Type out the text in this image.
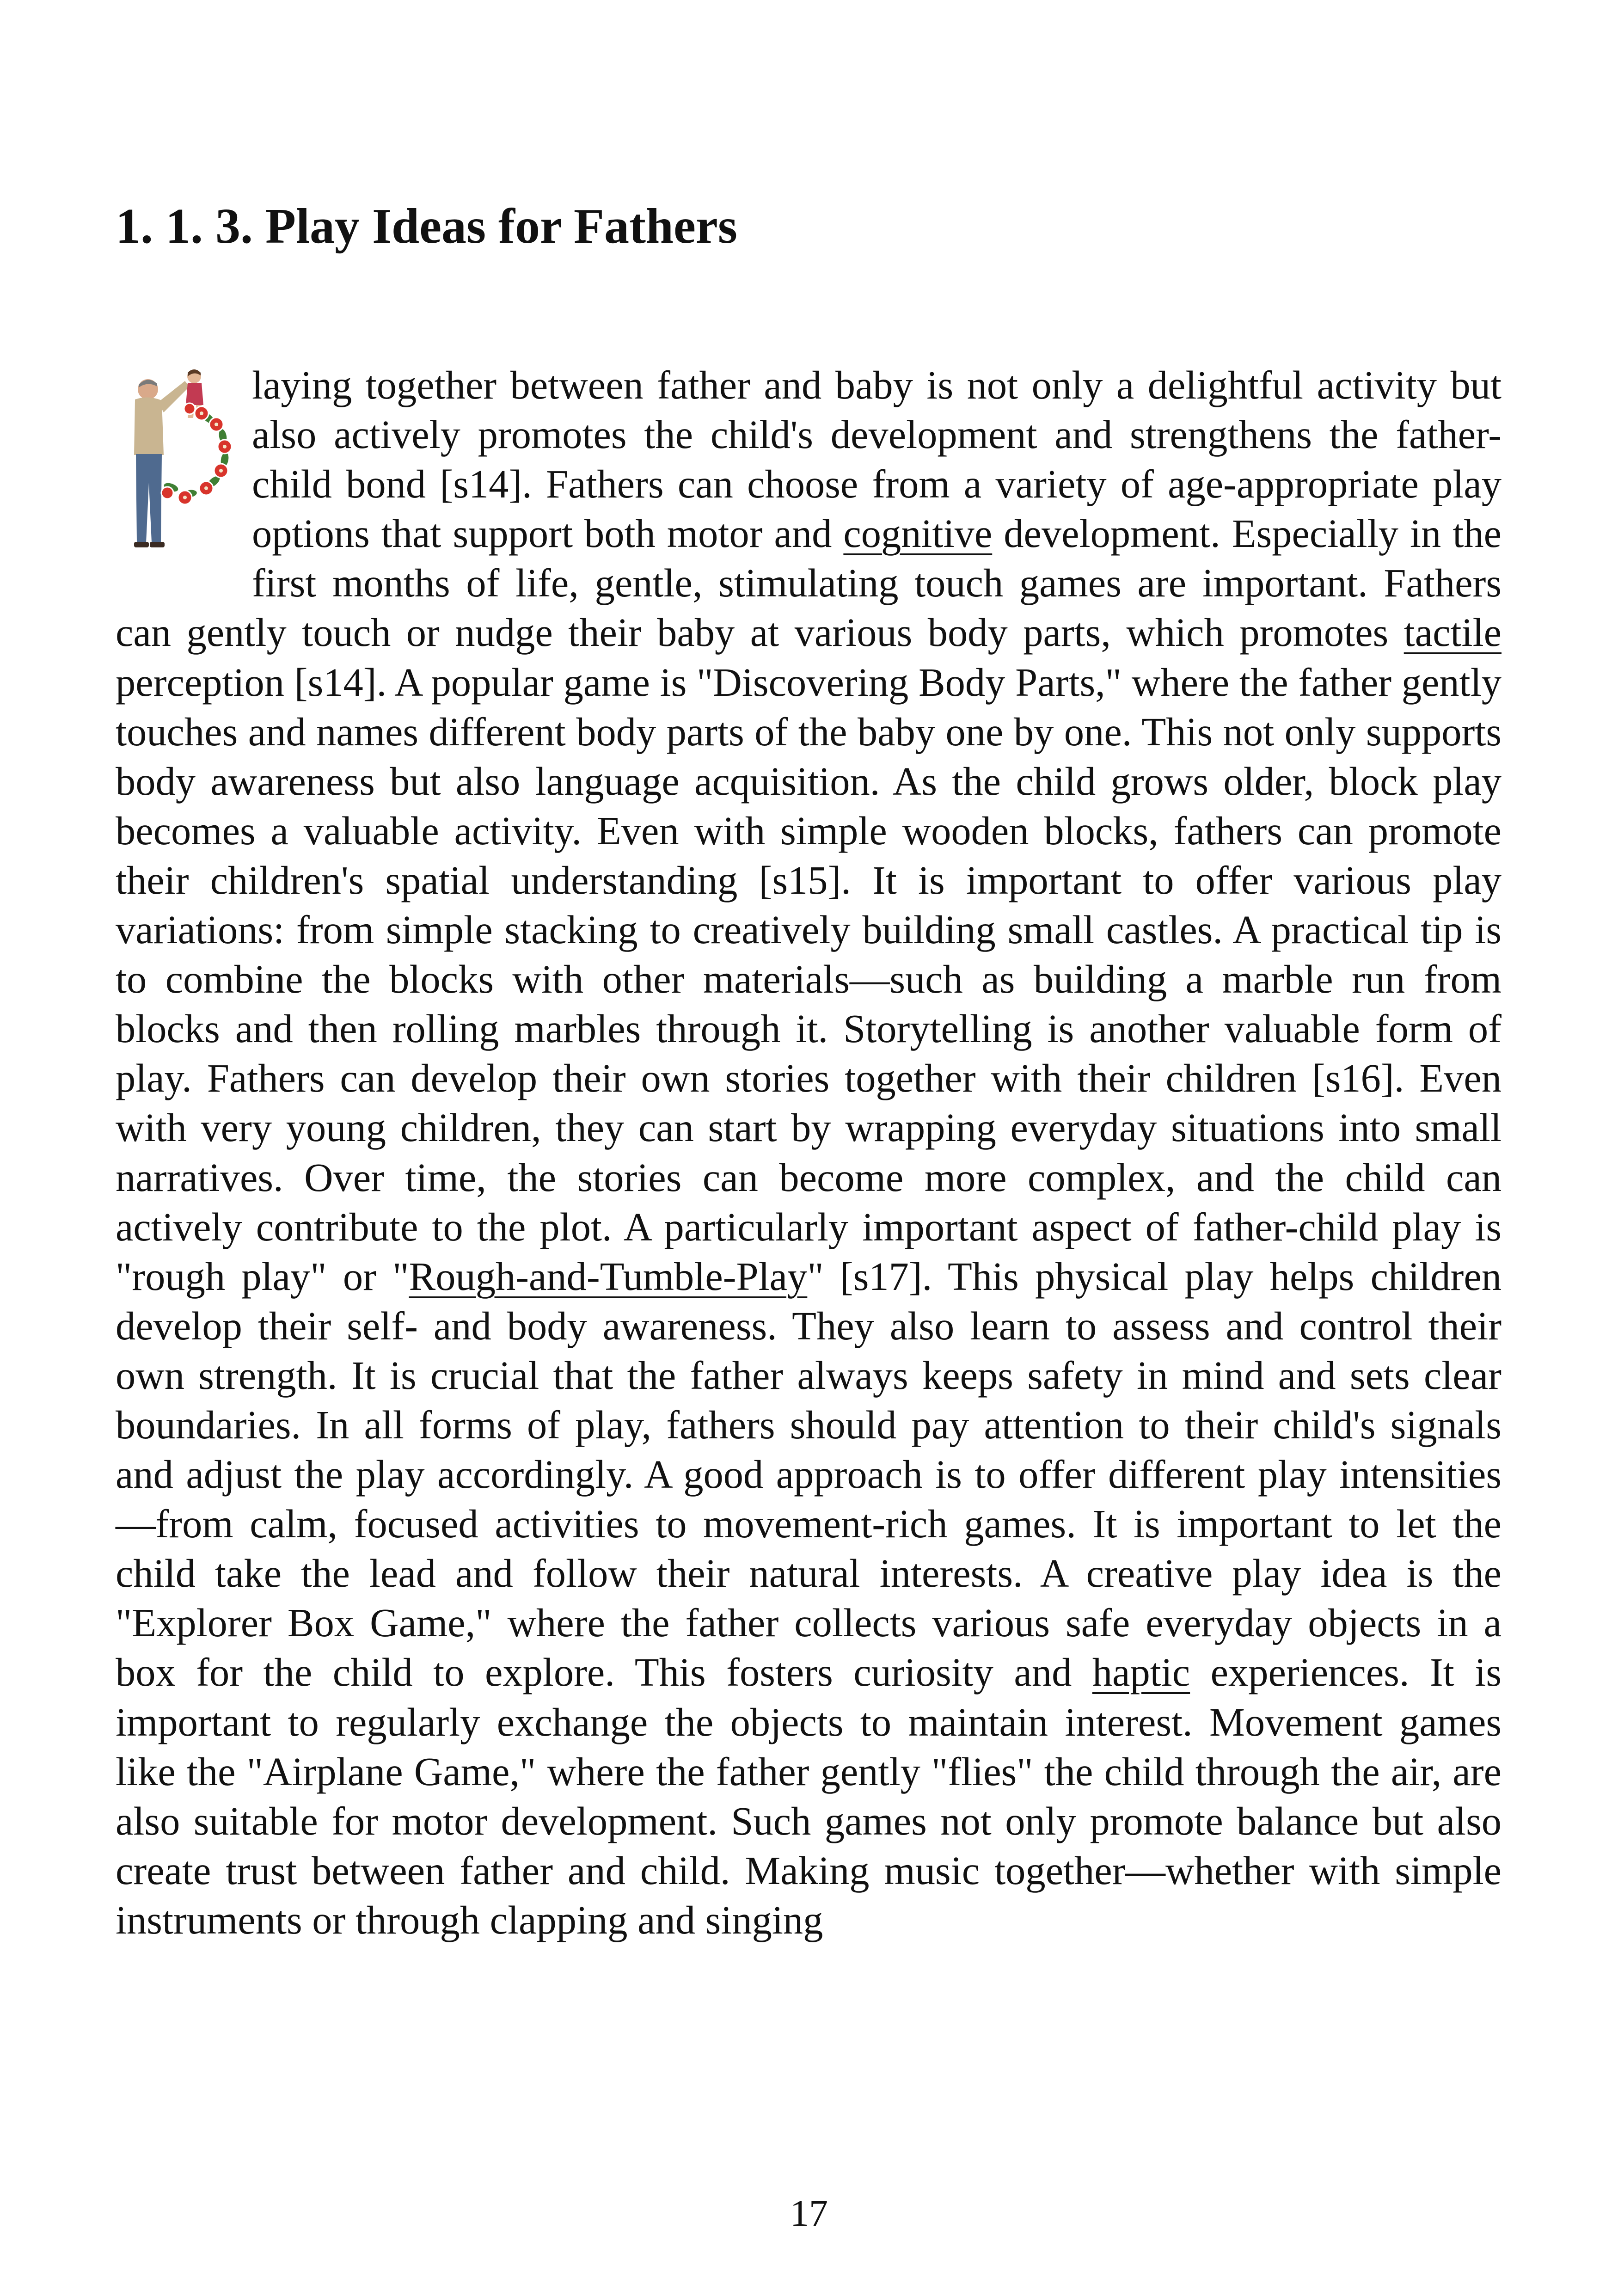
1. 1. 3. Play Ideas for Fathers
laying together between father and baby is not only a delightful activity but also actively promotes the child's development and strengthens the father-child bond [s14]. Fathers can choose from a variety of age-appropriate play options that support both motor and cognitive development. Especially in the first months of life, gentle, stimulating touch games are important. Fathers can gently touch or nudge their baby at various body parts, which promotes tactile perception [s14]. A popular game is "Discovering Body Parts," where the father gently touches and names different body parts of the baby one by one. This not only supports body awareness but also language acquisition. As the child grows older, block play becomes a valuable activity. Even with simple wooden blocks, fathers can promote their children's spatial understanding [s15]. It is important to offer various play variations: from simple stacking to creatively building small castles. A practical tip is to combine the blocks with other materials—such as building a marble run from blocks and then rolling marbles through it. Storytelling is another valuable form of play. Fathers can develop their own stories together with their children [s16]. Even with very young children, they can start by wrapping everyday situations into small narratives. Over time, the stories can become more complex, and the child can actively contribute to the plot. A particularly important aspect of father-child play is "rough play" or "Rough-and-Tumble-Play" [s17]. This physical play helps children develop their self- and body awareness. They also learn to assess and control their own strength. It is crucial that the father always keeps safety in mind and sets clear boundaries. In all forms of play, fathers should pay attention to their child's signals and adjust the play accordingly. A good approach is to offer different play intensities—from calm, focused activities to movement-rich games. It is important to let the child take the lead and follow their natural interests. A creative play idea is the "Explorer Box Game," where the father collects various safe everyday objects in a box for the child to explore. This fosters curiosity and haptic experiences. It is important to regularly exchange the objects to maintain interest. Movement games like the "Airplane Game," where the father gently "flies" the child through the air, are also suitable for motor development. Such games not only promote balance but also create trust between father and child. Making music together—whether with simple instruments or through clapping and singing

17
